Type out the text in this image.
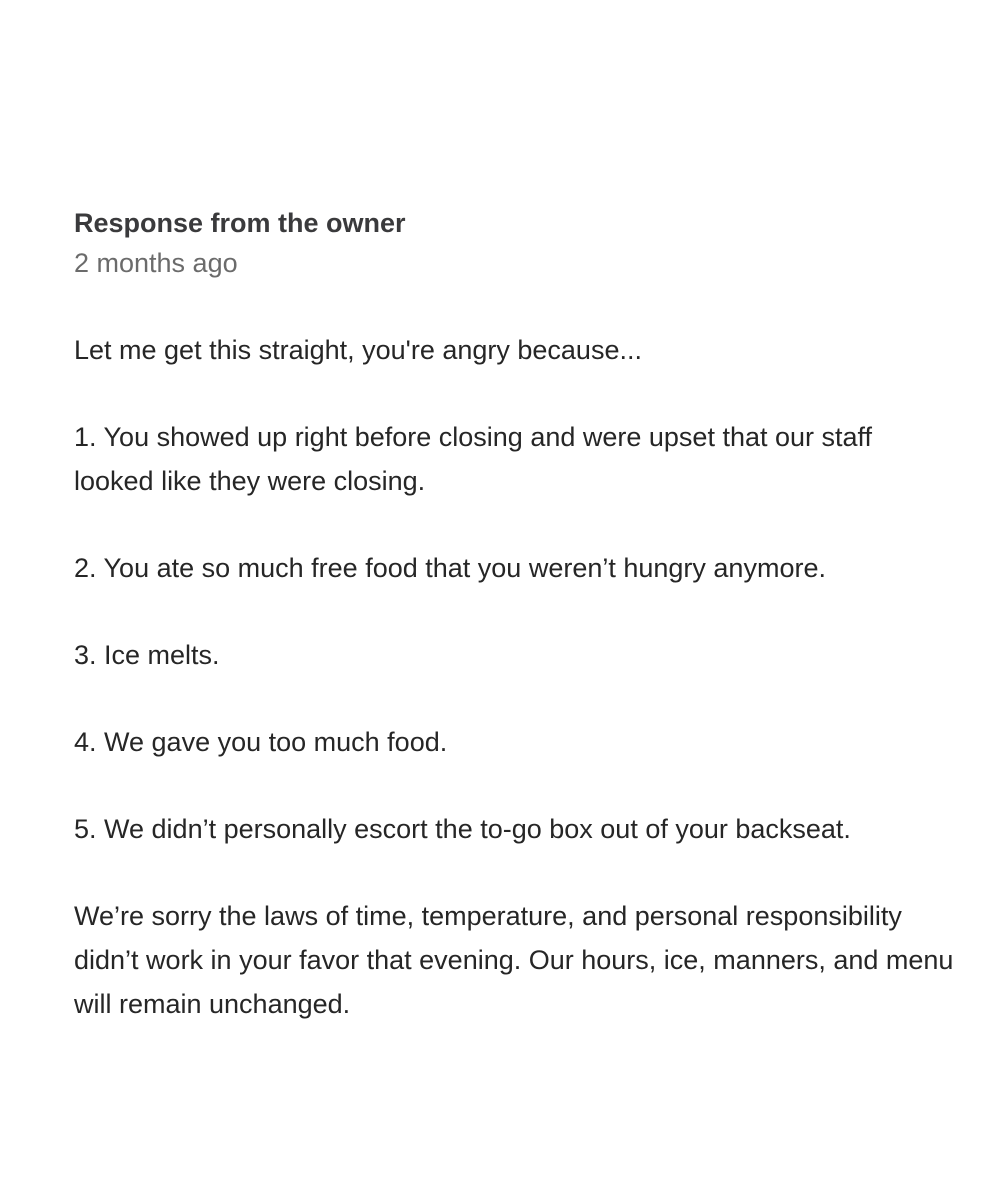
Response from the owner
2 months ago

Let me get this straight, you're angry because...

1. You showed up right before closing and were upset that our staff looked like they were closing.

2. You ate so much free food that you weren’t hungry anymore.

3. Ice melts.

4. We gave you too much food.

5. We didn’t personally escort the to-go box out of your backseat.

We’re sorry the laws of time, temperature, and personal responsibility didn’t work in your favor that evening. Our hours, ice, manners, and menu will remain unchanged.
